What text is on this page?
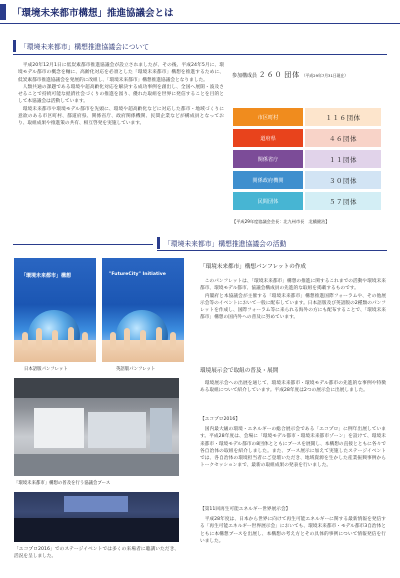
「環境未来都市構想」推進協議会とは
「環境未来都市」構想推進協議会について

平成20年12月1日に低炭素都市推進協議会が設立されましたが、その後、平成24年5月に、環境モデル都市の概念を軸に、高齢化対応を必須とした「環境未来都市」構想を推進するために、低炭素都市推進協議会を発展的に改組し、「環境未来都市」構想推進協議会となりました。

人類共通の課題である環境や超高齢化対応を解決する成功事例を創出し、全国へ展開・波及させることで持続可能な経済社会づくりの推進を図り、優れた取組を世界に発信することを目的として本協議会は活動しています。

環境未来都市や環境モデル都市を先頭に、環境や超高齢化などに対応した都市・地域づくりに意欲のある市区町村、都道府県、関係省庁、政府関係機関、民間企業などが構成員となっており、取組成果や推進策の共有、相互啓発を実施しています。

参加構成員 ２６０ 団体 （平成29年7月31日現在）
市区町村	１１６団体
道府県	４６団体
関係省庁	１１団体
関係政府機関	３０団体
民間団体	５７団体
【平成29年度協議会会長：北九州市長　北橋健治】
「環境未来都市」構想推進協議会の活動
「環境未来都市」構想	"FutureCity" Initiative
日本語版パンフレット	英語版パンフレット
「環境未来都市」構想パンフレットの作成

このパンフレットは、「環境未来都市」構想の推進に関するこれまでの活動や環境未来都市、環境モデル都市、協議会構成員の先進的な取組を掲載するものです。

内閣府と本協議会が主催する「環境未来都市」構想推進国際フォーラムや、その他展示会等のイベントにおいて一般に配布しています。日本語版及び英語版の2種類のパンフレットを作成し、国際フォーラム等に来られる海外の方にも配布することで、「環境未来都市」構想の国内外への普及に努めています。

「環境未来都市」構想の普及を行う協議会ブース
「エコプロ2016」でのステージイベントでは多くの来場者に聴講いただき、活況を呈しました。
環境展示会で取組の普及・展開

環境展示会への出展を通じて、環境未来都市・環境モデル都市の先進的な事例や特徴ある取組について紹介しています。平成28年度は2つの展示会に出展しました。

【エコプロ2016】

国内最大級の環境・エネルギーの総合展示会である「エコプロ」に例年出展しています。平成28年度は、会場に「環境モデル都市・環境未来都市ゾーン」を設けて、環境未来都市・環境モデル都市の8団体とともにブースを展開し、本構想の直接とともに各々で各自治体の取組を紹介しました。また、ブース展示に加えて実施したステージイベントでは、各自治体の環境担当者にご登壇いただき、地域資源を生かした産業振興事例からトークセッションまで、最新の取組成果の発表を行いました。

【第11回再生可能エネルギー世界展示会】

平成28年度は、日本から世界に向けて再生可能エネルギーに関する最新情報を発信する「再生可能エネルギー世界展示会」においても、環境未来都市・モデル都市3自治体とともに本構想ブースを出展し、本構想の考え方とその具体的事例について情報発信を行いました。
